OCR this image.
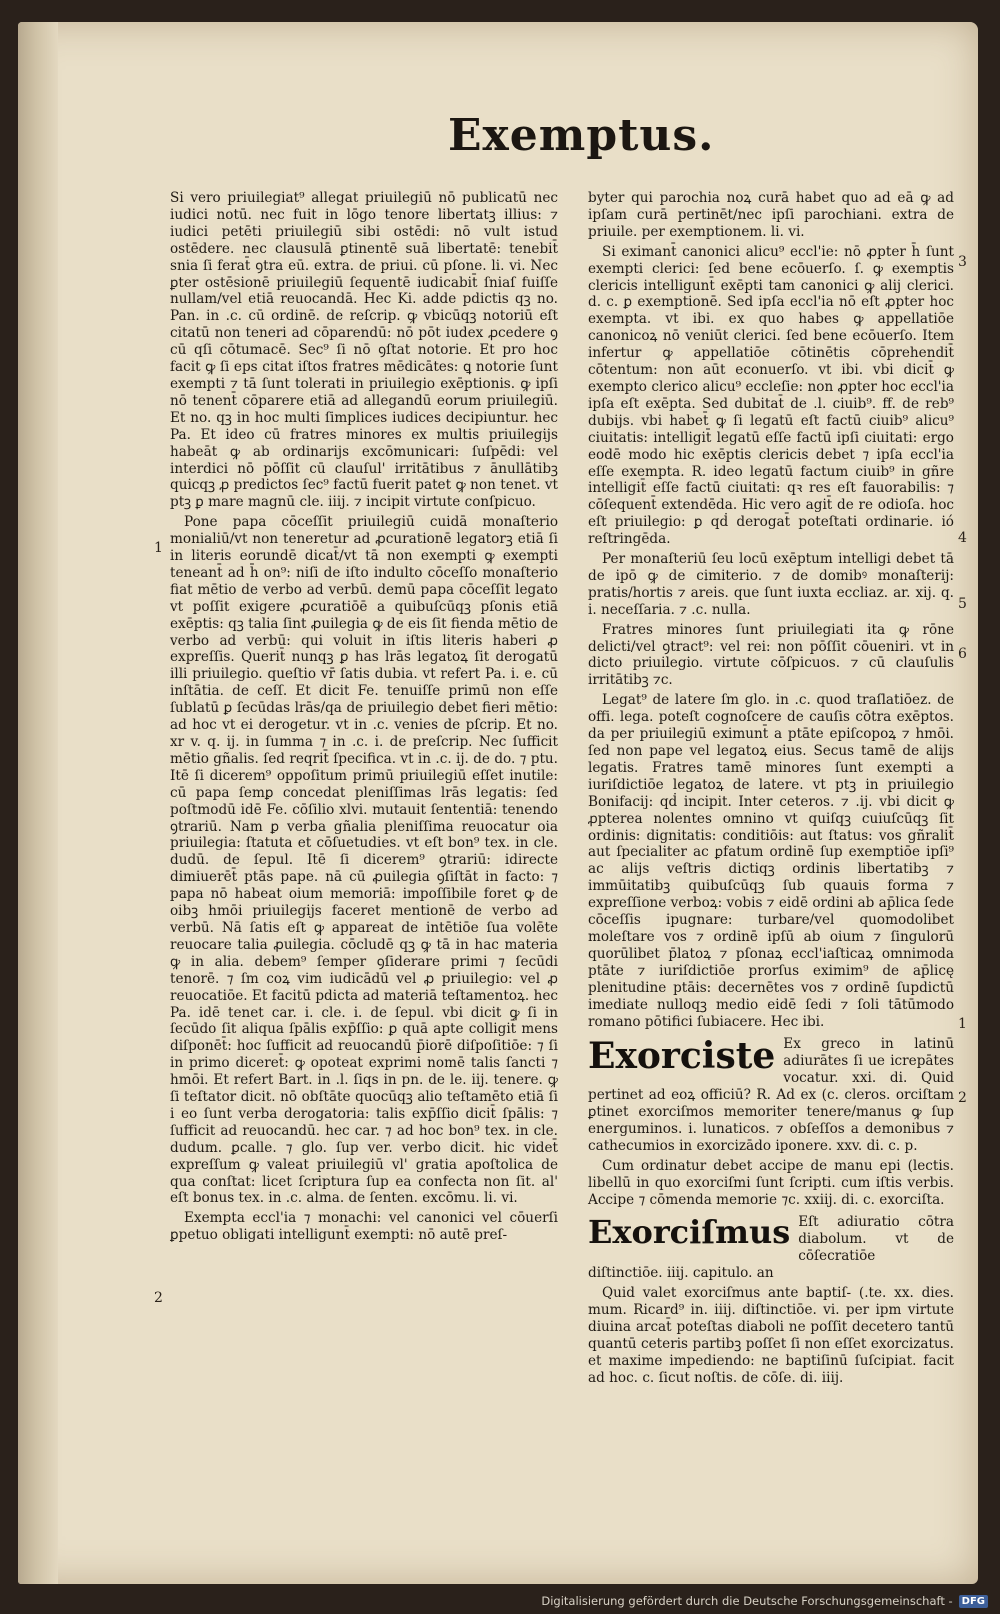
Exemptus.

Si vero priuilegiat⁹ allegat priuilegiū nō publicatū nec iudici notū. nec fuit in lōgo tenore libertatꝫ illius: ⁊ iudici petēti priuilegiū sibi ostēdi: nō vult istud ostēdere. nec clausulā ꝑtinentē suā libertatē: tenebit̄ snia ſi ferat̄ ꝯtra eū. extra. de priui. cū pſone. li. vi. Nec ꝑter ostēsionē priuilegiū ſequentē iudicabit̄ ſniaſ fuiſſe nullam/vel etiā reuocandā. Hec Ki. adde pdictis qꝫ no. Pan. in .c. cū ordinē. de reſcrip. ꝙ vbicūqꝫ notoriū eſt citatū non teneri ad cōparendū: nō pōt iudex ꝓcedere ꝯ cū qſi cōtumacē. Sec⁹ ſi nō ꝯſtat notorie. Et pro hoc facit ꝙ ſi eps citat iſtos fratres mēdicātes: ꝗ notorie ſunt exempti ⁊ tā ſunt tolerati in priuilegio exēptionis. ꝙ ipſi nō tenent̄ cōparere etiā ad allegandū eorum priuilegiū. Et no. qꝫ in hoc multi ſimplices iudices decipiuntur. hec Pa. Et ideo cū fratres minores ex multis priuilegijs habeāt ꝙ ab ordinarijs excōmunicari: ſuſpēdi: vel interdici nō pōſſit cū clauſul' irritātibus ⁊ ānullātibꝫ quicqꝫ ꝓ predictos ſec⁹ factū fuerit patet ꝙ non tenet. vt ptꝫ ꝑ mare magnū cle. iiij. ⁊ incipit virtute conſpicuo.

Pone papa cōceſſit priuilegiū cuidā monaſterio monialiū/vt non teneretur ad ꝓcurationē legatorꝫ etiā ſi in literis eorundē dicat̄/vt tā non exempti ꝙ exempti teneant̄ ad h̄ on⁹: niſi de iſto indulto cōceſſo monaſterio fiat mētio de verbo ad verbū. demū papa cōceſſit legato vt poſſit exigere ꝓcuratiōē a quibuſcūqꝫ pſonis etiā exēptis: qꝫ talia ſint ꝓuilegia ꝙ de eis ſit fienda mētio de verbo ad verbū: qui voluit in iſtis literis haberi ꝓ expreſſis. Querit̄ nunqꝫ ꝑ has lrās legatoꝝ ſit derogatū illi priuilegio. queſtio vr̄ ſatis dubia. vt refert Pa. i. e. cū inſtātia. de ceſſ. Et dicit Fe. tenuiſſe primū non eſſe ſublatū ꝑ ſecūdas lrās/qa de priuilegio debet fieri mētio: ad hoc vt ei derogetur. vt in .c. venies de pſcrip. Et no. xr v. q. ij. in ſumma ⁊ in .c. i. de preſcrip. Nec ſufficit mētio gñalis. ſed reqrit̄ ſpecifica. vt in .c. ij. de do. ⁊ ptu. Itē ſi dicerem⁹ oppoſitum primū priuilegiū eſſet inutile: cū papa ſemꝑ concedat pleniſſimas lrās legatis: ſed poſtmodū idē Fe. cōſilio xlvi. mutauit ſententiā: tenendo ꝯtrariū. Nam ꝑ verba gñalia pleniſſima reuocatur oia priuilegia: ſtatuta et cōſuetudies. vt eſt bon⁹ tex. in cle. dudū. de ſepul. Itē ſi dicerem⁹ ꝯtrariū: idirecte dimiuerēt̄ ptās pape. nā cū ꝓuilegia ꝯſiſtāt in facto: ⁊ papa nō habeat oium memoriā: impoſſibile foret ꝙ de oibꝫ hmōi priuilegijs faceret mentionē de verbo ad verbū. Nā ſatis eſt ꝙ appareat de intētiōe ſua volēte reuocare talia ꝓuilegia. cōcludē qꝫ ꝙ tā in hac materia ꝙ in alia. debem⁹ ſemper ꝯſiderare primi ⁊ ſecūdi tenorē. ⁊ ſm coꝝ vim iudicādū vel ꝓ priuilegio: vel ꝓ reuocatiōe. Et facitū pdicta ad materiā teſtamentoꝝ. hec Pa. idē tenet car. i. cle. i. de ſepul. vbi dicit ꝙ ſi in ſecūdo ſit aliqua ſpālis exp̄ſſio: ꝑ quā apte colligit̄ mens diſponēt̄: hoc ſufficit ad reuocandū p̄iorē diſpoſitiōe: ⁊ ſi in primo diceret̄: ꝙ opoteat exprimi nomē talis ſancti ⁊ hmōi. Et refert Bart. in .l. ſiqs in pn. de le. iij. tenere. ꝙ ſi teſtator dicit. nō obſtāte quocūqꝫ alio teſtamēto etiā ſi i eo ſunt verba derogatoria: talis exp̄ſſio dicit̄ ſpālis: ⁊ ſufficit ad reuocandū. hec car. ⁊ ad hoc bon⁹ tex. in cle. dudum. ꝑcalle. ⁊ glo. ſup ver. verbo dicit. hic videt̄ expreſſum ꝙ valeat priuilegiū vl' gratia apoſtolica de qua conſtat: licet ſcriptura ſup ea confecta non ſit. al' eſt bonus tex. in .c. alma. de ſenten. excōmu. li. vi.

Exempta eccl'ia ⁊ monachi: vel canonici vel cōuerſi ꝑpetuo obligati intelligunt̄ exempti: nō autē preſ-

byter qui parochia noꝝ curā habet quo ad eā ꝙ ad ipſam curā pertinēt/nec ipſi parochiani. extra de priuile. per exemptionem. li. vi.

Si eximant̄ canonici alicu⁹ eccl'ie: nō ꝓpter h̄ ſunt exempti clerici: ſed bene ecōuerſo. ſ. ꝙ exemptis clericis intelligunt̄ exēpti tam canonici ꝙ alij clerici. d. c. ꝑ exemptionē. Sed ipſa eccl'ia nō eſt ꝓpter hoc exempta. vt ibi. ex quo habes ꝙ appellatiōe canonicoꝝ nō veniūt clerici. ſed bene ecōuerſo. Item infertur ꝙ appellatiōe cōtinētis cōprehendit̄ cōtentum: non aūt econuerſo. vt ibi. vbi dicit̄ ꝙ exempto clerico alicu⁹ eccleſie: non ꝓpter hoc eccl'ia ipſa eſt exēpta. Sed dubitat̄ de .l. ciuib⁹. ff. de reb⁹ dubijs. vbi habet̄ ꝙ ſi legatū eſt factū ciuib⁹ alicu⁹ ciuitatis: intelligit̄ legatū eſſe factū ipſi ciuitati: ergo eodē modo hic exēptis clericis debet ⁊ ipſa eccl'ia eſſe exempta. R. ideo legatū factum ciuib⁹ in gñre intelligit̄ eſſe factū ciuitati: qꝛ res eſt fauorabilis: ⁊ cōſequent̄ extendēda. Hic vero agit̄ de re odioſa. hoc eſt priuilegio: ꝑ qḋ derogat̄ poteſtati ordinarie. ió reſtringēda.

Per monaſteriū ſeu locū exēptum intelligi debet tā de ipō ꝙ de cimiterio. ⁊ de domibꝰ monaſterij: pratis/hortis ⁊ areis. que ſunt iuxta eccliaz. ar. xij. q. i. neceſſaria. ⁊ .c. nulla.

Fratres minores ſunt priuilegiati ita ꝙ rōne delicti/vel ꝯtract⁹: vel rei: non pōſſit cōueniri. vt in dicto priuilegio. virtute cōſpicuos. ⁊ cū clauſulis irritātibꝫ ⁊c.

Legat⁹ de latere ſm glo. in .c. quod traſlatiōez. de offi. lega. poteſt cognoſcere de cauſis cōtra exēptos. da per priuilegiū eximunt̄ a ptāte epiſcopoꝝ ⁊ hmōi. ſed non pape vel legatoꝝ eius. Secus tamē de alijs legatis. Fratres tamē minores ſunt exempti a iuriſdictiōe legatoꝝ de latere. vt ptꝫ in priuilegio Bonifacij: qḋ incipit. Inter ceteros. ⁊ .ij. vbi dicit ꝙ ꝓpterea nolentes omnino vt quiſqꝫ cuiuſcūqꝫ ſit ordinis: dignitatis: conditiōis: aut ſtatus: vos gñralit̄ aut ſpecialiter ac ꝑfatum ordinē ſup exemptiōe ipſi⁹ ac alijs veſtris dictiqꝫ ordinis libertatibꝫ ⁊ immūitatibꝫ quibuſcūqꝫ ſub quauis forma ⁊ expreſſione verboꝝ: vobis ⁊ eidē ordini ab ap̄lica ſede cōceſſis ipugnare: turbare/vel quomodolibet moleſtare vos ⁊ ordinē ipſū ab oium ⁊ ſingulorū quorūlibet p̄latoꝝ ⁊ pſonaꝝ eccl'iaſticaꝝ omnimoda ptāte ⁊ iuriſdictiōe prorſus eximim⁹ de ap̄licę plenitudine ptāis: decernētes vos ⁊ ordinē ſupdictū imediate nulloqꝫ medio eidē ſedi ⁊ ſoli tātūmodo romano pōtifici ſubiacere. Hec ibi.

Exorciste Ex greco in latinū adiurātes ſi ue icrepātes vocatur. xxi. di. Quid pertinet ad eoꝝ officiū? R. Ad ex (c. cleros. orciſtam ꝑtinet exorciſmos memoriter tenere/manus ꝙ ſup energuminos. i. lunaticos. ⁊ obſeſſos a demonibus ⁊ cathecumios in exorcizādo iponere. xxv. di. c. p.

Cum ordinatur debet accipe de manu epi (lectis. libellū in quo exorciſmi ſunt ſcripti. cum iſtis verbis. Accipe ⁊ cōmenda memorie ⁊c. xxiij. di. c. exorciſta.

Exorciſmus Eſt adiuratio cōtra diabolum. vt de cōſecratiōe diſtinctiōe. iiij. capitulo. an

Quid valet exorciſmus ante baptiſ- (.te. xx. dies. mum. Ricard⁹ in. iiij. diſtinctiōe. vi. per ipm virtute diuina arcat̄ poteſtas diaboli ne poſſit decetero tantū quantū ceteris partibꝫ poſſet ſi non eſſet exorcizatus. et maxime impediendo: ne baptiſinū ſuſcipiat. facit ad hoc. c. ſicut noſtis. de cōſe. di. iiij.

1
2
3
4
5
6
1
2
Digitalisierung gefördert durch die Deutsche Forschungsgemeinschaft - DFG
